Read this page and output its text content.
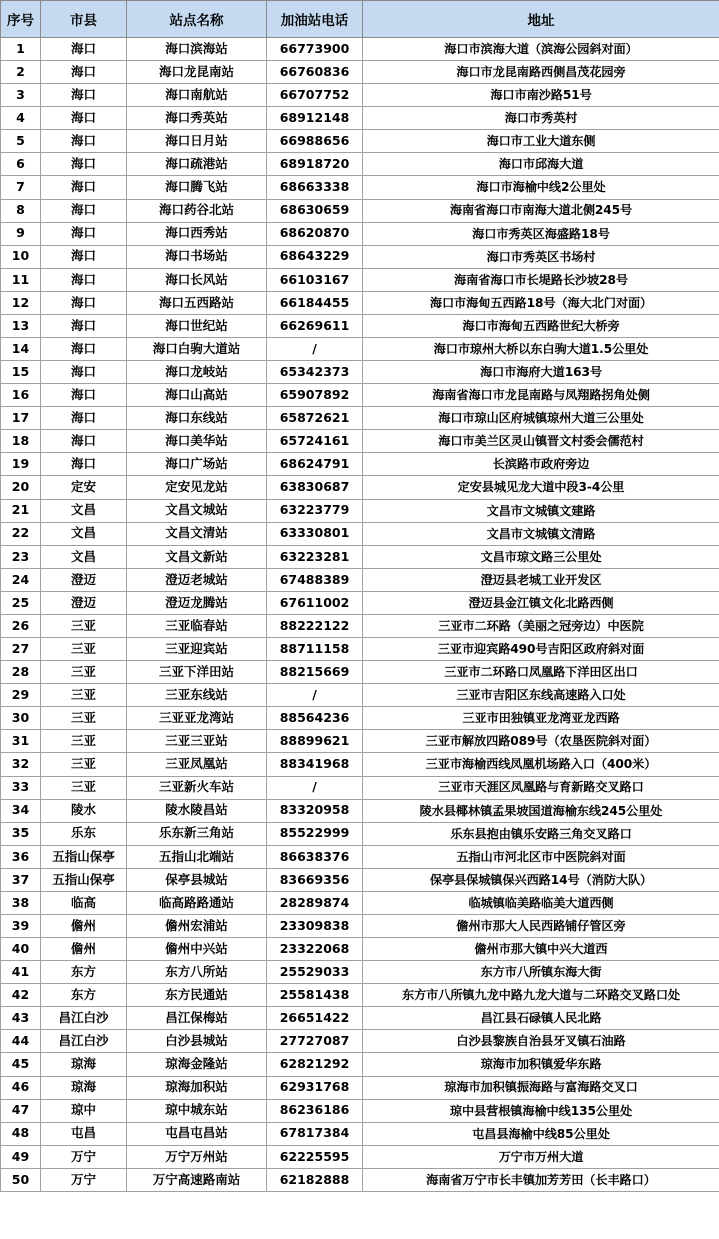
序号	市县	站点名称	加油站电话	地址
1	海口	海口滨海站	66773900	海口市滨海大道（滨海公园斜对面）
2	海口	海口龙昆南站	66760836	海口市龙昆南路西侧昌茂花园旁
3	海口	海口南航站	66707752	海口市南沙路51号
4	海口	海口秀英站	68912148	海口市秀英村
5	海口	海口日月站	66988656	海口市工业大道东侧
6	海口	海口疏港站	68918720	海口市邱海大道
7	海口	海口腾飞站	68663338	海口市海榆中线2公里处
8	海口	海口药谷北站	68630659	海南省海口市南海大道北侧245号
9	海口	海口西秀站	68620870	海口市秀英区海盛路18号
10	海口	海口书场站	68643229	海口市秀英区书场村
11	海口	海口长风站	66103167	海南省海口市长堤路长沙坡28号
12	海口	海口五西路站	66184455	海口市海甸五西路18号（海大北门对面）
13	海口	海口世纪站	66269611	海口市海甸五西路世纪大桥旁
14	海口	海口白驹大道站	/	海口市琼州大桥以东白驹大道1.5公里处
15	海口	海口龙岐站	65342373	海口市海府大道163号
16	海口	海口山高站	65907892	海南省海口市龙昆南路与凤翔路拐角处侧
17	海口	海口东线站	65872621	海口市琼山区府城镇琼州大道三公里处
18	海口	海口美华站	65724161	海口市美兰区灵山镇晋文村委会儒范村
19	海口	海口广场站	68624791	长滨路市政府旁边
20	定安	定安见龙站	63830687	定安县城见龙大道中段3-4公里
21	文昌	文昌文城站	63223779	文昌市文城镇文建路
22	文昌	文昌文清站	63330801	文昌市文城镇文清路
23	文昌	文昌文新站	63223281	文昌市琼文路三公里处
24	澄迈	澄迈老城站	67488389	澄迈县老城工业开发区
25	澄迈	澄迈龙腾站	67611002	澄迈县金江镇文化北路西侧
26	三亚	三亚临春站	88222122	三亚市二环路（美丽之冠旁边）中医院
27	三亚	三亚迎宾站	88711158	三亚市迎宾路490号吉阳区政府斜对面
28	三亚	三亚下洋田站	88215669	三亚市二环路口凤凰路下洋田区出口
29	三亚	三亚东线站	/	三亚市吉阳区东线高速路入口处
30	三亚	三亚亚龙湾站	88564236	三亚市田独镇亚龙湾亚龙西路
31	三亚	三亚三亚站	88899621	三亚市解放四路089号（农垦医院斜对面）
32	三亚	三亚凤凰站	88341968	三亚市海榆西线凤凰机场路入口（400米）
33	三亚	三亚新火车站	/	三亚市天涯区凤凰路与育新路交叉路口
34	陵水	陵水陵昌站	83320958	陵水县椰林镇孟果坡国道海榆东线245公里处
35	乐东	乐东新三角站	85522999	乐东县抱由镇乐安路三角交叉路口
36	五指山保亭	五指山北端站	86638376	五指山市河北区市中医院斜对面
37	五指山保亭	保亭县城站	83669356	保亭县保城镇保兴西路14号（消防大队）
38	临高	临高路路通站	28289874	临城镇临美路临美大道西侧
39	儋州	儋州宏浦站	23309838	儋州市那大人民西路铺仔管区旁
40	儋州	儋州中兴站	23322068	儋州市那大镇中兴大道西
41	东方	东方八所站	25529033	东方市八所镇东海大街
42	东方	东方民通站	25581438	东方市八所镇九龙中路九龙大道与二环路交叉路口处
43	昌江白沙	昌江保梅站	26651422	昌江县石碌镇人民北路
44	昌江白沙	白沙县城站	27727087	白沙县黎族自治县牙叉镇石油路
45	琼海	琼海金隆站	62821292	琼海市加积镇爱华东路
46	琼海	琼海加积站	62931768	琼海市加积镇振海路与富海路交叉口
47	琼中	琼中城东站	86236186	琼中县营根镇海榆中线135公里处
48	屯昌	屯昌屯昌站	67817384	屯昌县海榆中线85公里处
49	万宁	万宁万州站	62225595	万宁市万州大道
50	万宁	万宁高速路南站	62182888	海南省万宁市长丰镇加芳芳田（长丰路口）
